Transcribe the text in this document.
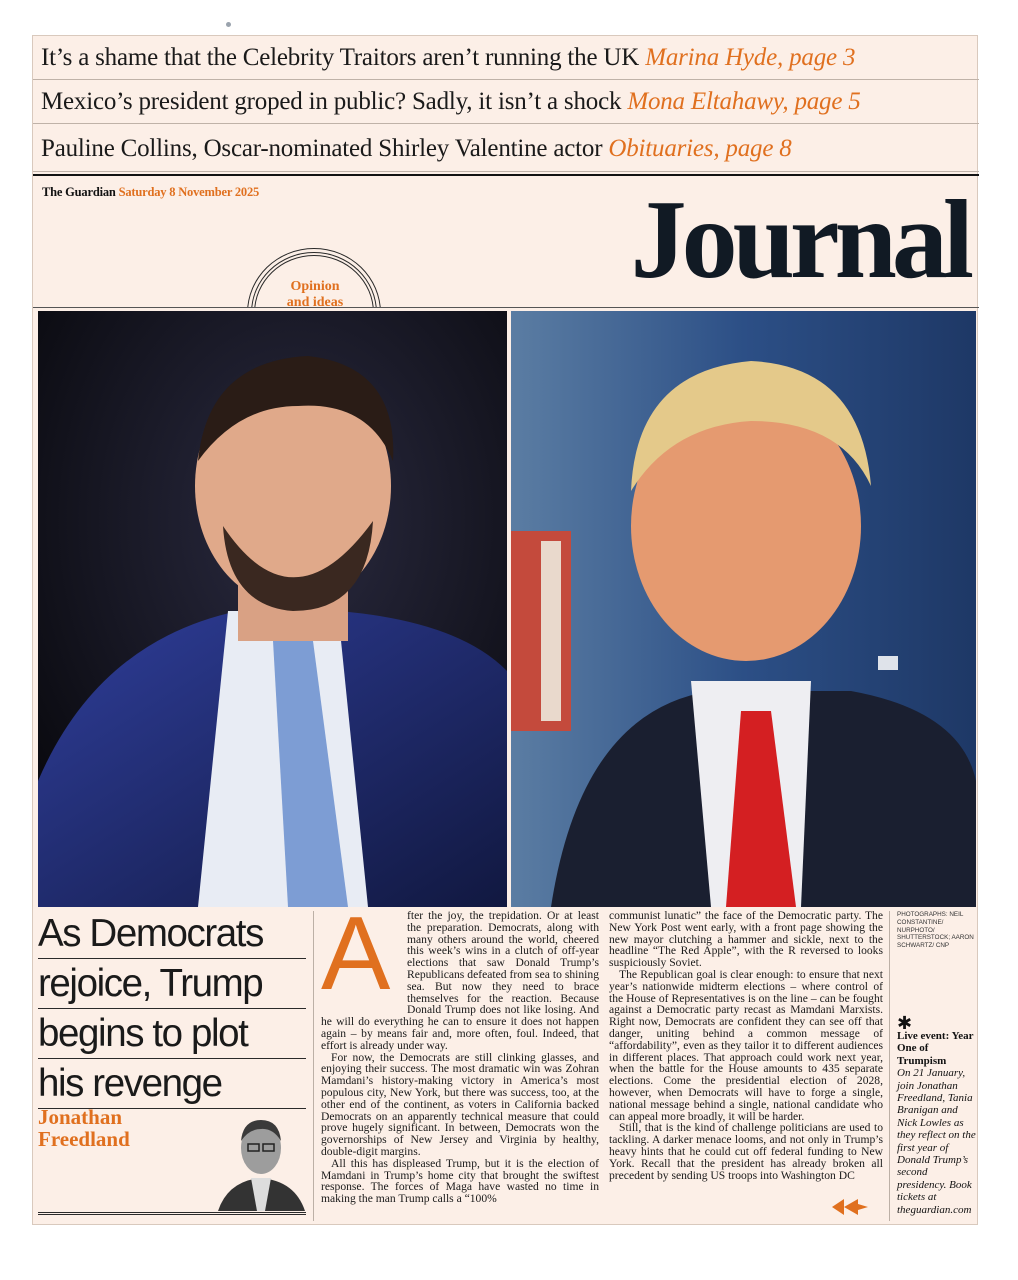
It’s a shame that the Celebrity Traitors aren’t running the UK Marina Hyde, page 3
Mexico’s president groped in public? Sadly, it isn’t a shock Mona Eltahawy, page 5
Pauline Collins, Oscar-nominated Shirley Valentine actor Obituaries, page 8
The Guardian Saturday 8 November 2025	Journal
Opinion
and ideas
As Democrats
rejoice, Trump
begins to plot
his revenge
Jonathan
Freedland
A	fter the joy, the trepidation. Or at least the preparation. Democrats, along with many others around the world, cheered this week’s wins in a clutch of off-year elections that saw Donald Trump’s Republicans defeated from sea to shining sea. But now they need to brace themselves for the reaction. Because Donald Trump does not like losing. And he will do everything he can to ensure it does not happen again – by means fair and, more often, foul. Indeed, that effort is already under way.

For now, the Democrats are still clinking glasses, and enjoying their success. The most dramatic win was Zohran Mamdani’s history-making victory in America’s most populous city, New York, but there was success, too, at the other end of the continent, as voters in California backed Democrats on an apparently technical measure that could prove hugely significant. In between, Democrats won the governorships of New Jersey and Virginia by healthy, double-digit margins.

All this has displeased Trump, but it is the election of Mamdani in Trump’s home city that brought the swiftest response. The forces of Maga have wasted no time in making the man Trump calls a “100%

communist lunatic” the face of the Democratic party. The New York Post went early, with a front page showing the new mayor clutching a hammer and sickle, next to the headline “The Red Apple”, with the R reversed to looks suspiciously Soviet.

The Republican goal is clear enough: to ensure that next year’s nationwide midterm elections – where control of the House of Representatives is on the line – can be fought against a Democratic party recast as Mamdani Marxists. Right now, Democrats are confident they can see off that danger, uniting behind a common message of “affordability”, even as they tailor it to different audiences in different places. That approach could work next year, when the battle for the House amounts to 435 separate elections. Come the presidential election of 2028, however, when Democrats will have to forge a single, national message behind a single, national candidate who can appeal more broadly, it will be harder.

Still, that is the kind of challenge politicians are used to tackling. A darker menace looms, and not only in Trump’s heavy hints that he could cut off federal funding to New York. Recall that the president has already broken all precedent by sending US troops into Washington DC

PHOTOGRAPHS: NEIL CONSTANTINE/ NURPHOTO/ SHUTTERSTOCK; AARON SCHWARTZ/ CNP
✱
Live event: Year One of Trumpism
On 21 January, join Jonathan Freedland, Tania Branigan and Nick Lowles as they reflect on the first year of Donald Trump’s second presidency. Book tickets at theguardian.com
